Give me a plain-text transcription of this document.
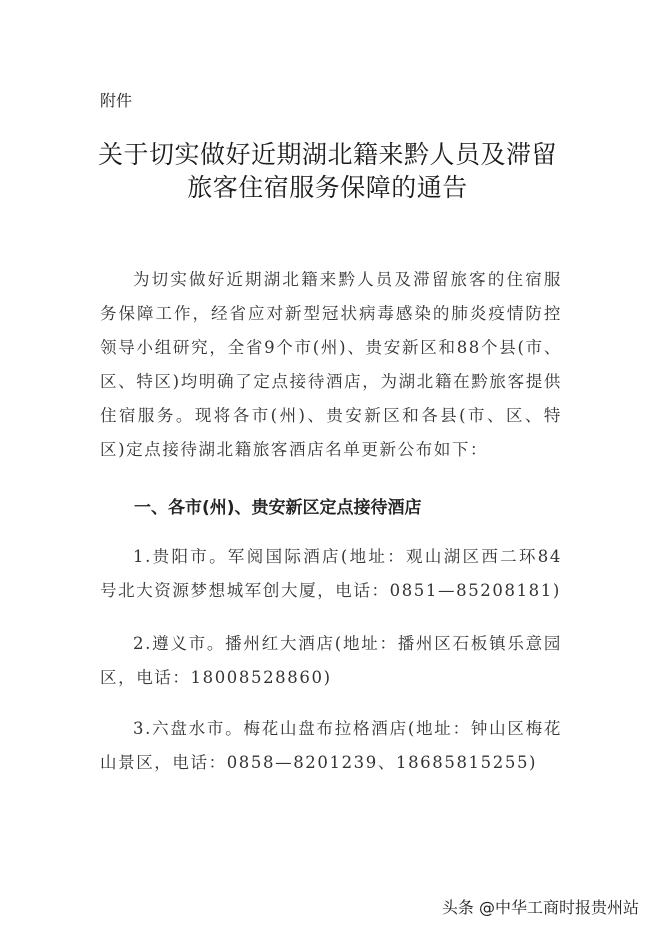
附件
关于切实做好近期湖北籍来黔人员及滞留
旅客住宿服务保障的通告
为切实做好近期湖北籍来黔人员及滞留旅客的住宿服务保障工作，经省应对新型冠状病毒感染的肺炎疫情防控领导小组研究，全省9个市(州)、贵安新区和88个县(市、区、特区)均明确了定点接待酒店，为湖北籍在黔旅客提供住宿服务。现将各市(州)、贵安新区和各县(市、区、特区)定点接待湖北籍旅客酒店名单更新公布如下：
一、各市(州)、贵安新区定点接待酒店
1.贵阳市。军阅国际酒店(地址：观山湖区西二环84号北大资源梦想城军创大厦，电话：0851—85208181)
2.遵义市。播州红大酒店(地址：播州区石板镇乐意园区，电话：18008528860)
3.六盘水市。梅花山盘布拉格酒店(地址：钟山区梅花山景区，电话：0858—8201239、18685815255)
头条 @中华工商时报贵州站
